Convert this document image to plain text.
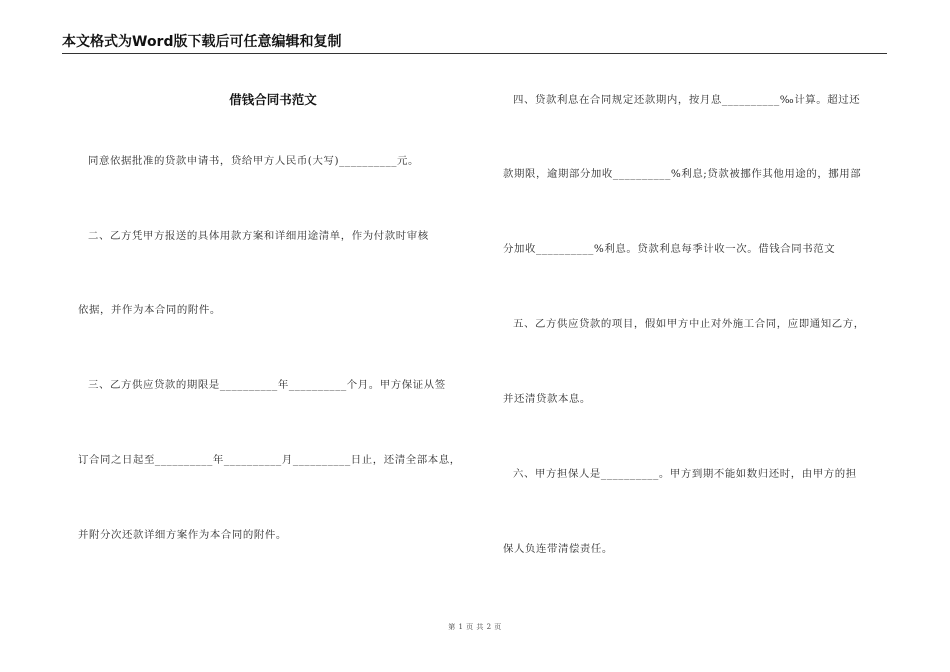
本文格式为Word版下载后可任意编辑和复制
借钱合同书范文
同意依据批准的贷款申请书，贷给甲方人民币(大写)__________元。
二、乙方凭甲方报送的具体用款方案和详细用途清单，作为付款时审核
依据，并作为本合同的附件。
三、乙方供应贷款的期限是__________年__________个月。甲方保证从签
订合同之日起至__________年__________月__________日止，还清全部本息，
并附分次还款详细方案作为本合同的附件。
四、贷款利息在合同规定还款期内，按月息__________‰计算。超过还
款期限，逾期部分加收__________%利息;贷款被挪作其他用途的，挪用部
分加收__________%利息。贷款利息每季计收一次。借钱合同书范文
五、乙方供应贷款的项目，假如甲方中止对外施工合同，应即通知乙方，
并还清贷款本息。
六、甲方担保人是__________。甲方到期不能如数归还时，由甲方的担
保人负连带清偿责任。
第 1 页 共 2 页
